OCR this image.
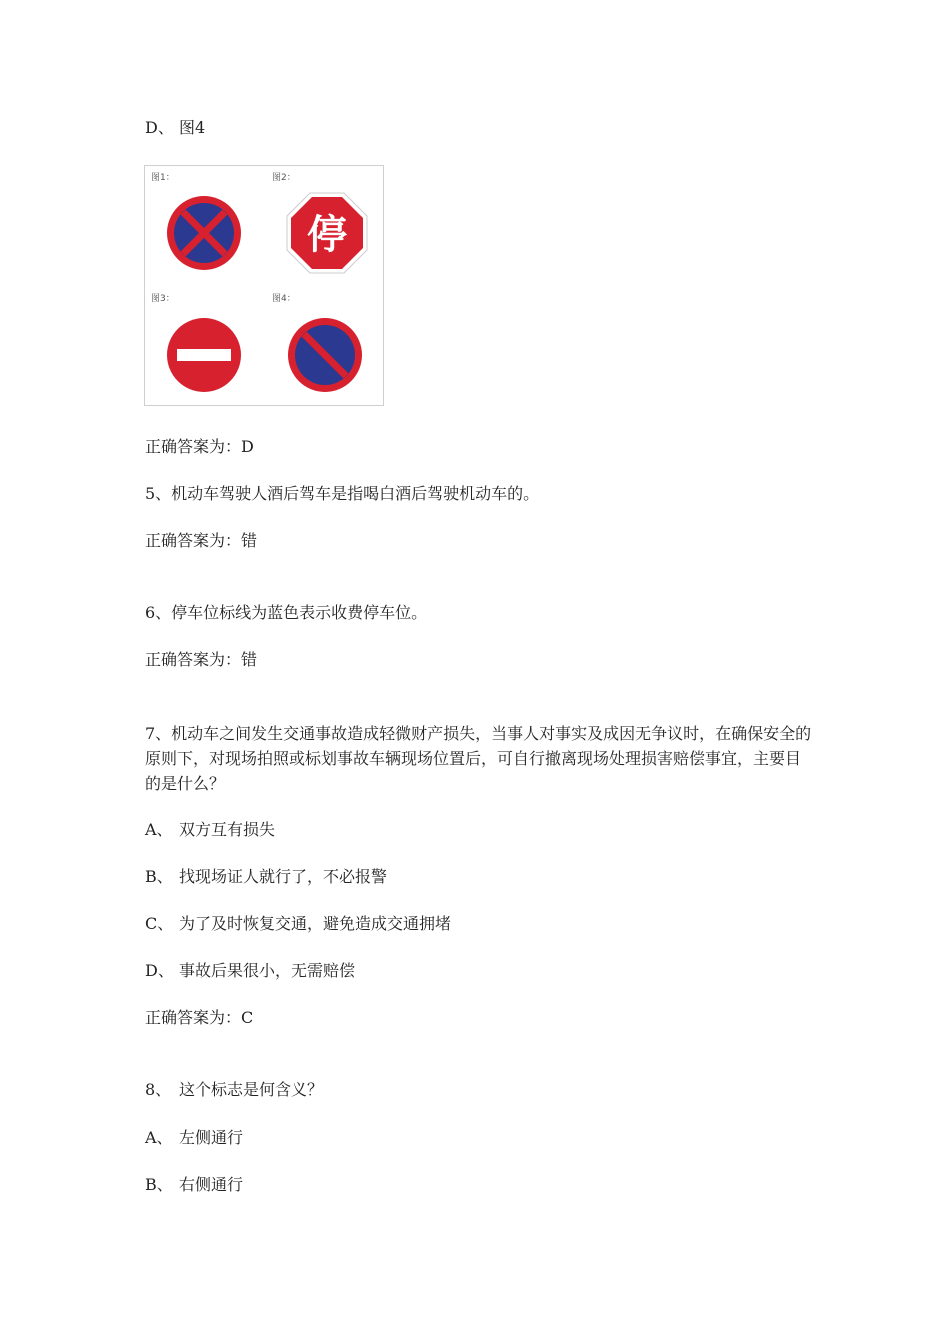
D、 图4
图1：	图2：
图3：	图4：
停
正确答案为：D
5、机动车驾驶人酒后驾车是指喝白酒后驾驶机动车的。
正确答案为：错
6、停车位标线为蓝色表示收费停车位。
正确答案为：错
7、机动车之间发生交通事故造成轻微财产损失，当事人对事实及成因无争议时，在确保安全的原则下，对现场拍照或标划事故车辆现场位置后，可自行撤离现场处理损害赔偿事宜，主要目的是什么？
A、 双方互有损失
B、 找现场证人就行了，不必报警
C、 为了及时恢复交通，避免造成交通拥堵
D、 事故后果很小，无需赔偿
正确答案为：C
8、 这个标志是何含义？
A、 左侧通行
B、 右侧通行
